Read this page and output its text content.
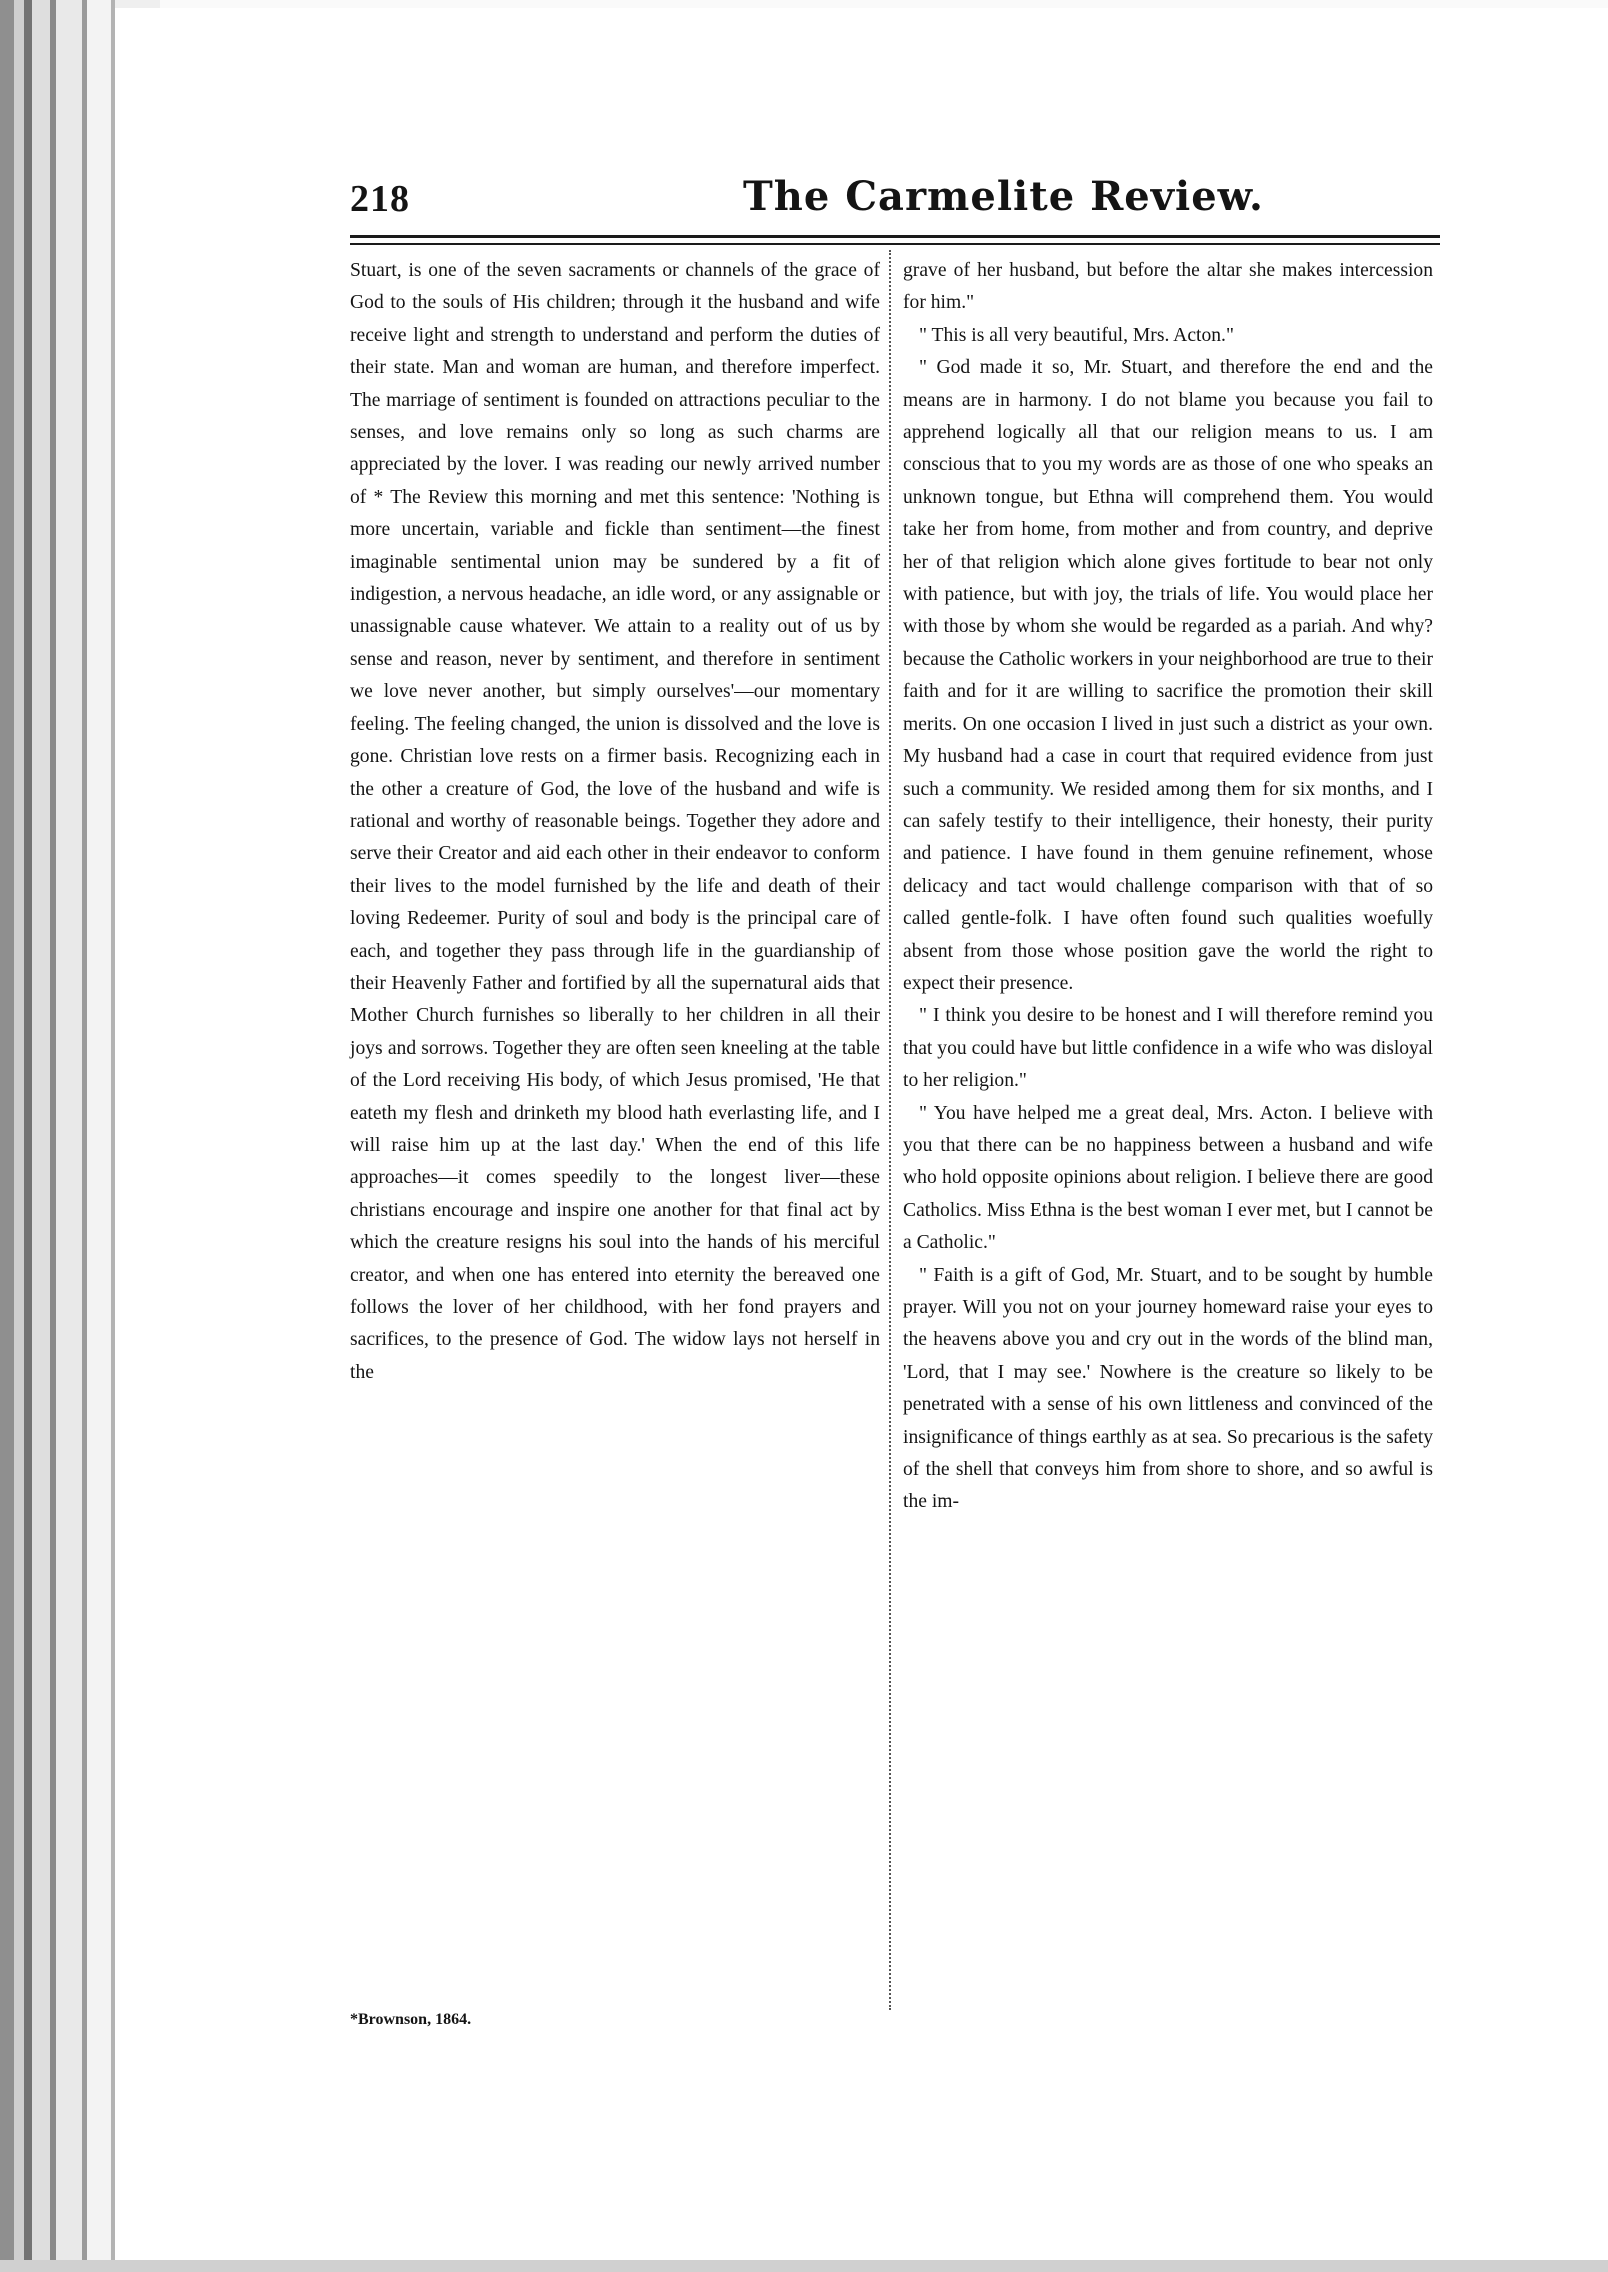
218	The Carmelite Review.

Stuart, is one of the seven sacraments or channels of the grace of God to the souls of His children; through it the husband and wife receive light and strength to understand and perform the duties of their state. Man and woman are human, and therefore imperfect. The marriage of sentiment is founded on attractions peculiar to the senses, and love remains only so long as such charms are appreciated by the lover. I was reading our newly arrived number of * The Review this morning and met this sentence: 'Nothing is more uncertain, variable and fickle than sentiment—the finest imaginable sentimental union may be sundered by a fit of indigestion, a nervous headache, an idle word, or any assignable or unassignable cause whatever. We attain to a reality out of us by sense and reason, never by sentiment, and therefore in sentiment we love never another, but simply ourselves'—our momentary feeling. The feeling changed, the union is dissolved and the love is gone. Christian love rests on a firmer basis. Recognizing each in the other a creature of God, the love of the husband and wife is rational and worthy of reasonable beings. Together they adore and serve their Creator and aid each other in their endeavor to conform their lives to the model furnished by the life and death of their loving Redeemer. Purity of soul and body is the principal care of each, and together they pass through life in the guardianship of their Heavenly Father and fortified by all the supernatural aids that Mother Church furnishes so liberally to her children in all their joys and sorrows. Together they are often seen kneeling at the table of the Lord receiving His body, of which Jesus promised, 'He that eateth my flesh and drinketh my blood hath everlasting life, and I will raise him up at the last day.' When the end of this life approaches—it comes speedily to the longest liver—these christians encourage and inspire one another for that final act by which the creature resigns his soul into the hands of his merciful creator, and when one has entered into eternity the bereaved one follows the lover of her childhood, with her fond prayers and sacrifices, to the presence of God. The widow lays not herself in the

grave of her husband, but before the altar she makes intercession for him."

" This is all very beautiful, Mrs. Acton."

" God made it so, Mr. Stuart, and therefore the end and the means are in harmony. I do not blame you because you fail to apprehend logically all that our religion means to us. I am conscious that to you my words are as those of one who speaks an unknown tongue, but Ethna will comprehend them. You would take her from home, from mother and from country, and deprive her of that religion which alone gives fortitude to bear not only with patience, but with joy, the trials of life. You would place her with those by whom she would be regarded as a pariah. And why? because the Catholic workers in your neighborhood are true to their faith and for it are willing to sacrifice the promotion their skill merits. On one occasion I lived in just such a district as your own. My husband had a case in court that required evidence from just such a community. We resided among them for six months, and I can safely testify to their intelligence, their honesty, their purity and patience. I have found in them genuine refinement, whose delicacy and tact would challenge comparison with that of so called gentle-folk. I have often found such qualities woefully absent from those whose position gave the world the right to expect their presence.

" I think you desire to be honest and I will therefore remind you that you could have but little confidence in a wife who was disloyal to her religion."

" You have helped me a great deal, Mrs. Acton. I believe with you that there can be no happiness between a husband and wife who hold opposite opinions about religion. I believe there are good Catholics. Miss Ethna is the best woman I ever met, but I cannot be a Catholic."

" Faith is a gift of God, Mr. Stuart, and to be sought by humble prayer. Will you not on your journey homeward raise your eyes to the heavens above you and cry out in the words of the blind man, 'Lord, that I may see.' Nowhere is the creature so likely to be penetrated with a sense of his own littleness and convinced of the insignificance of things earthly as at sea. So precarious is the safety of the shell that conveys him from shore to shore, and so awful is the im-

*Brownson, 1864.
